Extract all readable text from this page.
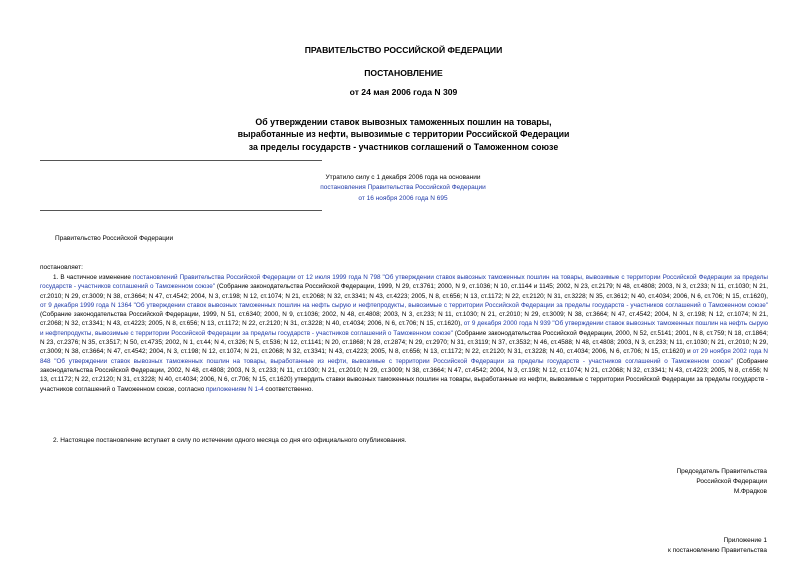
ПРАВИТЕЛЬСТВО РОССИЙСКОЙ ФЕДЕРАЦИИ
ПОСТАНОВЛЕНИЕ
от 24 мая 2006 года N 309
Об утверждении ставок вывозных таможенных пошлин на товары,
выработанные из нефти, вывозимые с территории Российской Федерации
за пределы государств - участников соглашений о Таможенном союзе
Утратило силу с 1 декабря 2006 года на основании
постановления Правительства Российской Федерации
от 16 ноября 2006 года N 695
Правительство Российской Федерации
постановляет:

1. В частичное изменение постановлений Правительства Российской Федерации от 12 июля 1999 года N 798 "Об утверждении ставок вывозных таможенных пошлин на товары, вывозимые с территории Российской Федерации за пределы государств - участников соглашений о Таможенном союзе" (Собрание законодательства Российской Федерации, 1999, N 29, ст.3761; 2000, N 9, ст.1036; N 10, ст.1144 и 1145; 2002, N 23, ст.2179; N 48, ст.4808; 2003, N 3, ст.233; N 11, ст.1030; N 21, ст.2010; N 29, ст.3009; N 38, ст.3664; N 47, ст.4542; 2004, N 3, ст.198; N 12, ст.1074; N 21, ст.2068; N 32, ст.3341; N 43, ст.4223; 2005, N 8, ст.656; N 13, ст.1172; N 22, ст.2120; N 31, ст.3228; N 35, ст.3612; N 40, ст.4034; 2006, N 6, ст.706; N 15, ст.1620), от 9 декабря 1999 года N 1364 "Об утверждении ставок вывозных таможенных пошлин на нефть сырую и нефтепродукты, вывозимые с территории Российской Федерации за пределы государств - участников соглашений о Таможенном союзе" (Собрание законодательства Российской Федерации, 1999, N 51, ст.6340; 2000, N 9, ст.1036; 2002, N 48, ст.4808; 2003, N 3, ст.233; N 11, ст.1030; N 21, ст.2010; N 29, ст.3009; N 38, ст.3664; N 47, ст.4542; 2004, N 3, ст.198; N 12, ст.1074; N 21, ст.2068; N 32, ст.3341; N 43, ст.4223; 2005, N 8, ст.656; N 13, ст.1172; N 22, ст.2120; N 31, ст.3228; N 40, ст.4034; 2006, N 6, ст.706; N 15, ст.1620), от 9 декабря 2000 года N 939 "Об утверждении ставок вывозных таможенных пошлин на нефть сырую и нефтепродукты, вывозимые с территории Российской Федерации за пределы государств - участников соглашений о Таможенном союзе" (Собрание законодательства Российской Федерации, 2000, N 52, ст.5141; 2001, N 8, ст.759; N 18, ст.1864; N 23, ст.2376; N 35, ст.3517; N 50, ст.4735; 2002, N 1, ст.44; N 4, ст.326; N 5, ст.536; N 12, ст.1141; N 20, ст.1868; N 28, ст.2874; N 29, ст.2970; N 31, ст.3119; N 37, ст.3532; N 46, ст.4588; N 48, ст.4808; 2003, N 3, ст.233; N 11, ст.1030; N 21, ст.2010; N 29, ст.3009; N 38, ст.3664; N 47, ст.4542; 2004, N 3, ст.198; N 12, ст.1074; N 21, ст.2068; N 32, ст.3341; N 43, ст.4223; 2005, N 8, ст.656; N 13, ст.1172; N 22, ст.2120; N 31, ст.3228; N 40, ст.4034; 2006, N 6, ст.706; N 15, ст.1620) и от 29 ноября 2002 года N 848 "Об утверждении ставок вывозных таможенных пошлин на товары, выработанные из нефти, вывозимые с территории Российской Федерации за пределы государств - участников соглашений о Таможенном союзе" (Собрание законодательства Российской Федерации, 2002, N 48, ст.4808; 2003, N 3, ст.233; N 11, ст.1030; N 21, ст.2010; N 29, ст.3009; N 38, ст.3664; N 47, ст.4542; 2004, N 3, ст.198; N 12, ст.1074; N 21, ст.2068; N 32, ст.3341; N 43, ст.4223; 2005, N 8, ст.656; N 13, ст.1172; N 22, ст.2120; N 31, ст.3228; N 40, ст.4034; 2006, N 6, ст.706; N 15, ст.1620) утвердить ставки вывозных таможенных пошлин на товары, выработанные из нефти, вывозимые с территории Российской Федерации за пределы государств - участников соглашений о Таможенном союзе, согласно приложениям N 1-4 соответственно.

2. Настоящее постановление вступает в силу по истечении одного месяца со дня его официального опубликования.
Председатель Правительства
Российской Федерации
М.Фрадков
Приложение 1
к постановлению Правительства
